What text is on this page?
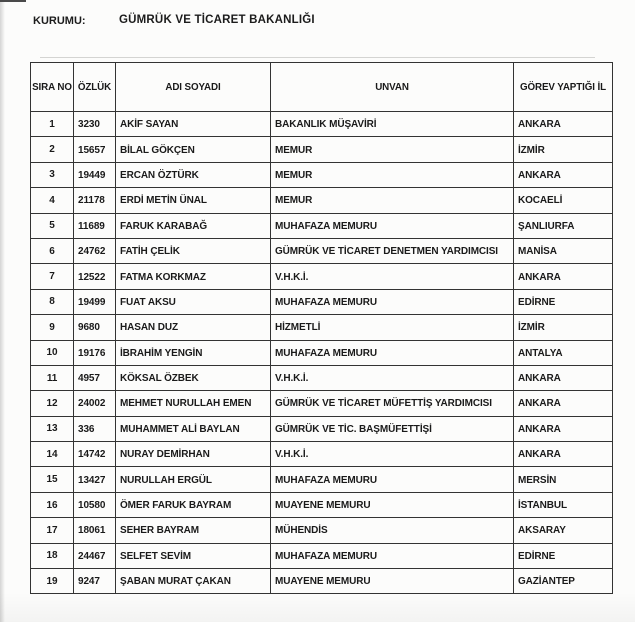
KURUMU:	GÜMRÜK VE TİCARET BAKANLIĞI
SIRA NO	ÖZLÜK	ADI SOYADI	UNVAN	GÖREV YAPTIĞI İL
1	3230	AKİF SAYAN	BAKANLIK MÜŞAVİRİ	ANKARA
2	15657	BİLAL GÖKÇEN	MEMUR	İZMİR
3	19449	ERCAN ÖZTÜRK	MEMUR	ANKARA
4	21178	ERDİ METİN ÜNAL	MEMUR	KOCAELİ
5	11689	FARUK KARABAĞ	MUHAFAZA MEMURU	ŞANLIURFA
6	24762	FATİH ÇELİK	GÜMRÜK VE TİCARET DENETMEN YARDIMCISI	MANİSA
7	12522	FATMA KORKMAZ	V.H.K.İ.	ANKARA
8	19499	FUAT AKSU	MUHAFAZA MEMURU	EDİRNE
9	9680	HASAN DUZ	HİZMETLİ	İZMİR
10	19176	İBRAHİM YENGİN	MUHAFAZA MEMURU	ANTALYA
11	4957	KÖKSAL ÖZBEK	V.H.K.İ.	ANKARA
12	24002	MEHMET NURULLAH EMEN	GÜMRÜK VE TİCARET MÜFETTİŞ YARDIMCISI	ANKARA
13	336	MUHAMMET ALİ BAYLAN	GÜMRÜK VE TİC. BAŞMÜFETTİŞİ	ANKARA
14	14742	NURAY DEMİRHAN	V.H.K.İ.	ANKARA
15	13427	NURULLAH ERGÜL	MUHAFAZA MEMURU	MERSİN
16	10580	ÖMER FARUK BAYRAM	MUAYENE MEMURU	İSTANBUL
17	18061	SEHER BAYRAM	MÜHENDİS	AKSARAY
18	24467	SELFET SEVİM	MUHAFAZA MEMURU	EDİRNE
19	9247	ŞABAN MURAT ÇAKAN	MUAYENE MEMURU	GAZİANTEP
